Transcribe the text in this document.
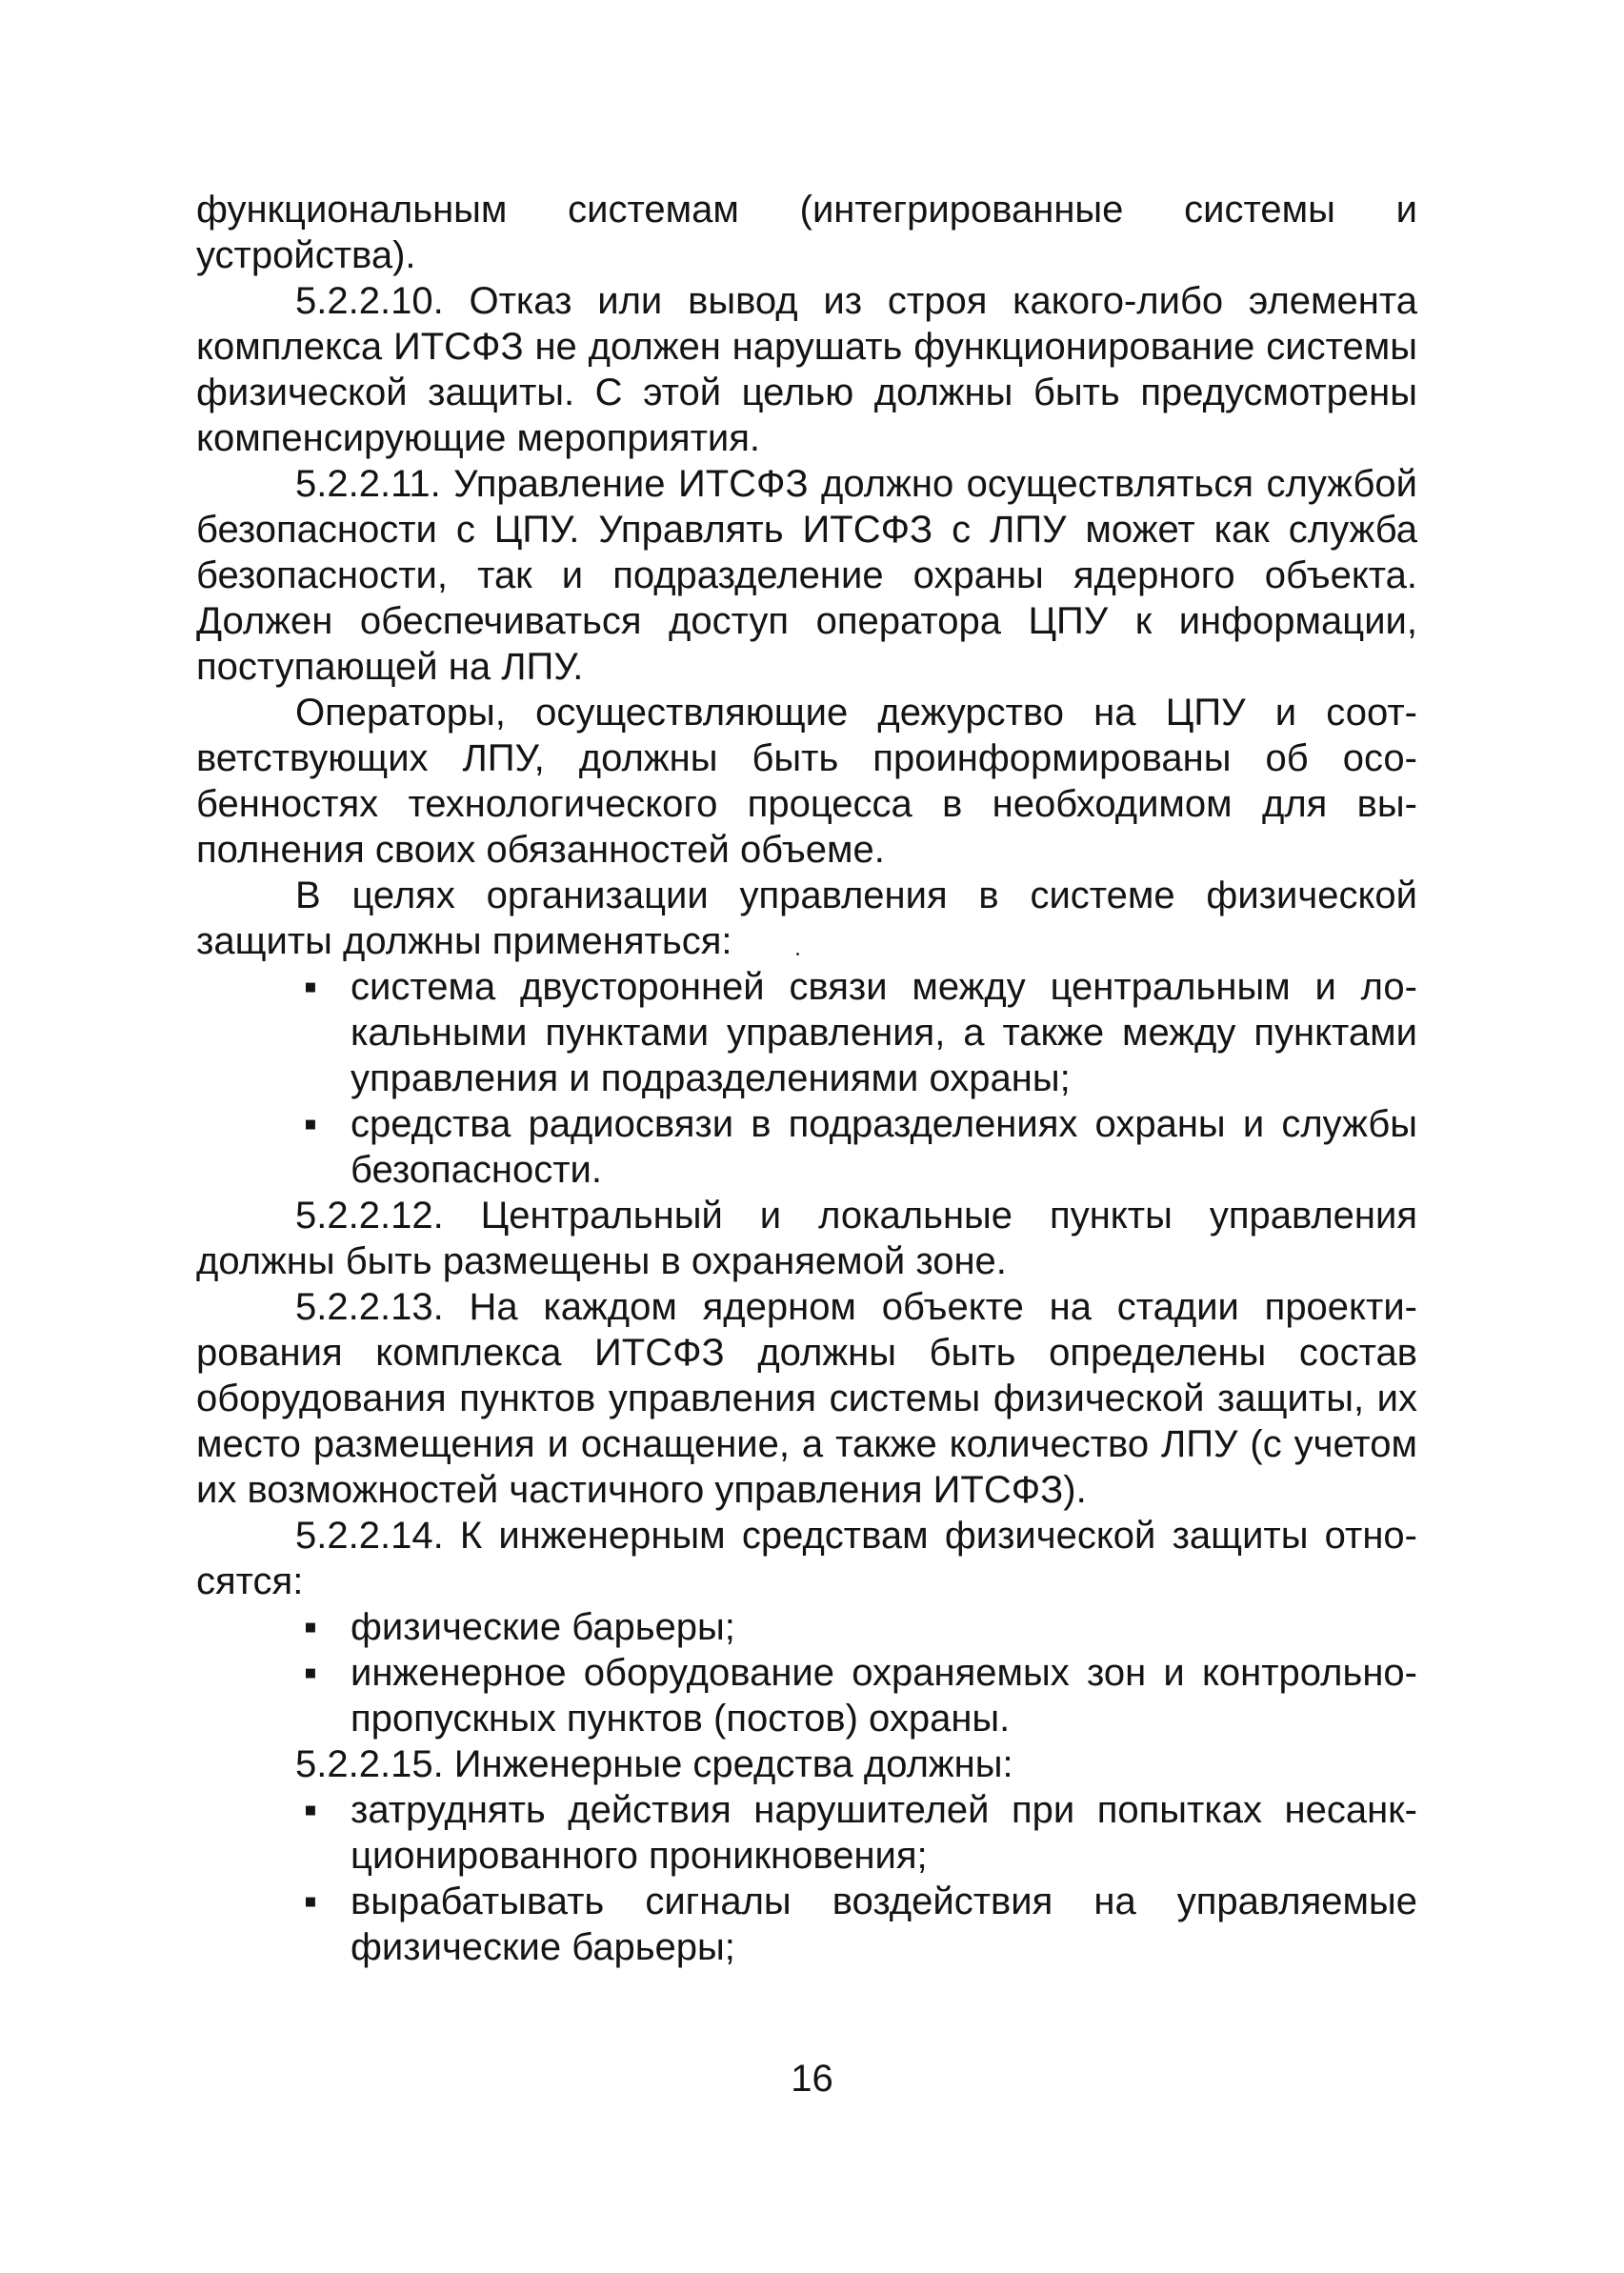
функциональным системам (интегрированные системы и устройства).

5.2.2.10. Отказ или вывод из строя какого-либо элемента комплекса ИТСФЗ не должен нарушать функционирование системы физической защиты. С этой целью должны быть предусмотрены компенсирующие мероприятия.

5.2.2.11. Управление ИТСФЗ должно осуществляться службой безопасности с ЦПУ. Управлять ИТСФЗ с ЛПУ может как служба безопасности, так и подразделение охраны ядерного объекта. Должен обеспечиваться доступ оператора ЦПУ к информации, поступающей на ЛПУ.

Операторы, осуществляющие дежурство на ЦПУ и соответствующих ЛПУ, должны быть проинформированы об особенностях технологического процесса в необходимом для выполнения своих обязанностей объеме.

В целях организации управления в системе физической защиты должны применяться:

▪ система двусторонней связи между центральным и локальными пунктами управления, а также между пунктами управления и подразделениями охраны;
▪ средства радиосвязи в подразделениях охраны и службы безопасности.

5.2.2.12. Центральный и локальные пункты управления должны быть размещены в охраняемой зоне.

5.2.2.13. На каждом ядерном объекте на стадии проектирования комплекса ИТСФЗ должны быть определены состав оборудования пунктов управления системы физической защиты, их место размещения и оснащение, а также количество ЛПУ (с учетом их возможностей частичного управления ИТСФЗ).

5.2.2.14. К инженерным средствам физической защиты относятся:

▪ физические барьеры;
▪ инженерное оборудование охраняемых зон и контрольно-пропускных пунктов (постов) охраны.

5.2.2.15. Инженерные средства должны:

▪ затруднять действия нарушителей при попытках несанкционированного проникновения;
▪ вырабатывать сигналы воздействия на управляемые физические барьеры;
16
